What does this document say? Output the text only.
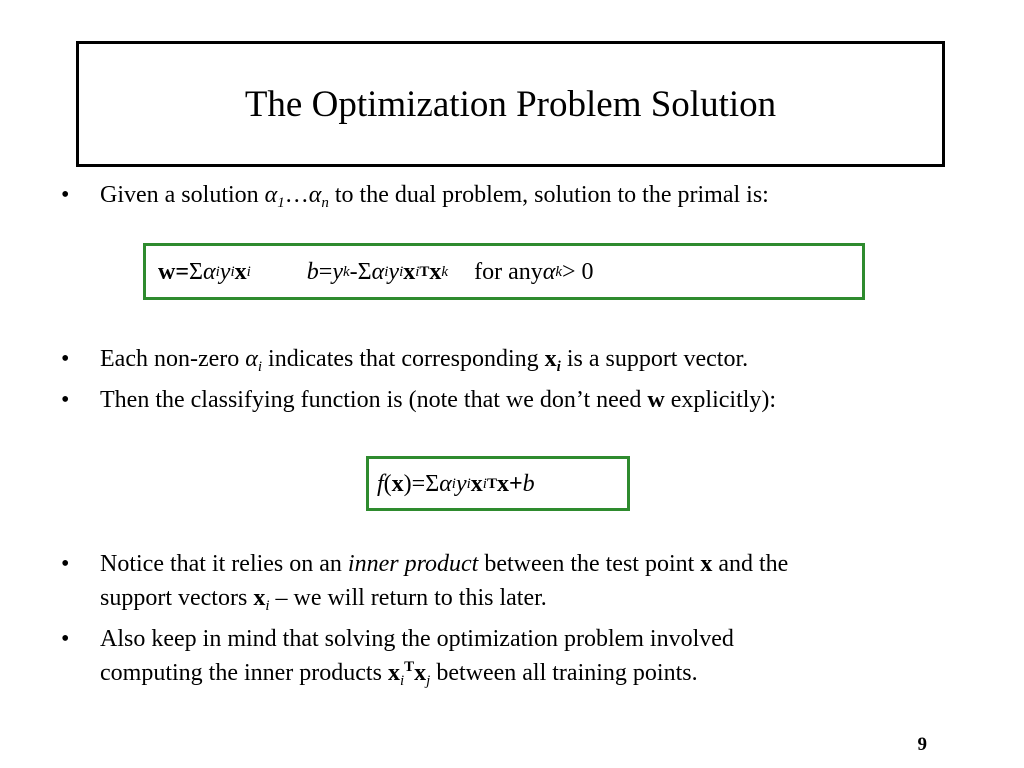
The Optimization Problem Solution
• Given a solution $\alpha_1\dots\alpha_n$ to the dual problem, solution to the primal is:
w = Σ α i y i x i b = y k - Σ α i y i x i T x k for any α k > 0
• Each non-zero $\alpha_i$ indicates that corresponding $x_i$ is a support vector.
• Then the classifying function is (note that we don’t need w explicitly):
f ( x ) = Σ α i y i x i T x + b
• Notice that it relies on an inner product between the test point x and the
support vectors $x_i$ – we will return to this later.
• Also keep in mind that solving the optimization problem involved
computing the inner products $x_i^Tx_j$ between all training points.
9
